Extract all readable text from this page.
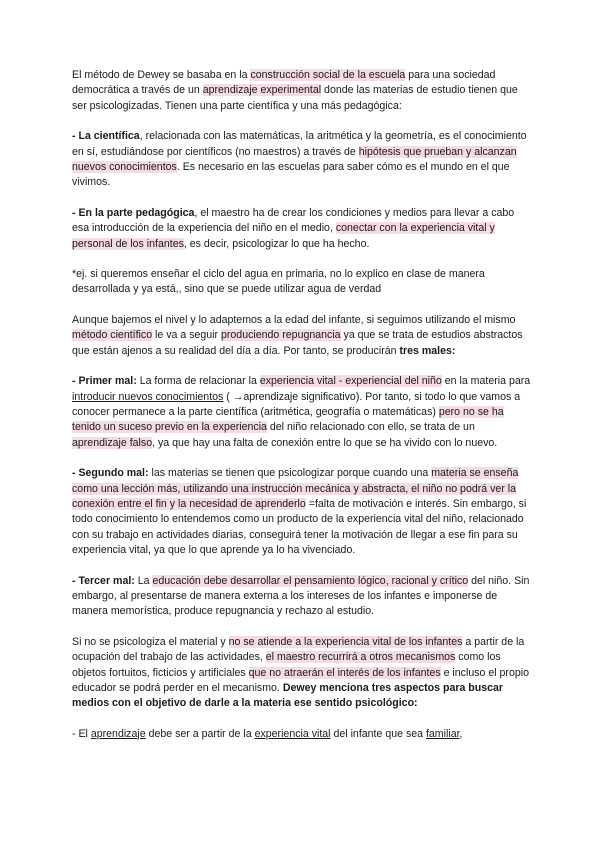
El método de Dewey se basaba en la construcción social de la escuela para una sociedad democrática a través de un aprendizaje experimental donde las materias de estudio tienen que ser psicologizadas. Tienen una parte científica y una más pedagógica:

- La científica, relacionada con las matemáticas, la aritmética y la geometría, es el conocimiento en sí, estudiándose por científicos (no maestros) a través de hipótesis que prueban y alcanzan nuevos conocimientos. Es necesario en las escuelas para saber cómo es el mundo en el que vivimos.

- En la parte pedagógica, el maestro ha de crear los condiciones y medios para llevar a cabo esa introducción de la experiencia del niño en el medio, conectar con la experiencia vital y personal de los infantes, es decir, psicologizar lo que ha hecho.

*ej. si queremos enseñar el ciclo del agua en primaria, no lo explico en clase de manera desarrollada y ya está,, sino que se puede utilizar agua de verdad

Aunque bajemos el nivel y lo adaptemos a la edad del infante, si seguimos utilizando el mismo método científico le va a seguir produciendo repugnancia ya que se trata de estudios abstractos que están ajenos a su realidad del día a día. Por tanto, se producirán tres males:

- Primer mal: La forma de relacionar la experiencia vital - experiencial del niño en la materia para introducir nuevos conocimientos ( →aprendizaje significativo). Por tanto, si todo lo que vamos a conocer permanece a la parte científica (aritmética, geografía o matemáticas) pero no se ha tenido un suceso previo en la experiencia del niño relacionado con ello, se trata de un aprendizaje falso, ya que hay una falta de conexión entre lo que se ha vivido con lo nuevo.

- Segundo mal: las materias se tienen que psicologizar porque cuando una materia se enseña como una lección más, utilizando una instrucción mecánica y abstracta, el niño no podrá ver la conexión entre el fin y la necesidad de aprenderlo =falta de motivación e interés. Sin embargo, si todo conocimiento lo entendemos como un producto de la experiencia vital del niño, relacionado con su trabajo en actividades diarias, conseguirá tener la motivación de llegar a ese fin para su experiencia vital, ya que lo que aprende ya lo ha vivenciado.

- Tercer mal: La educación debe desarrollar el pensamiento lógico, racional y crítico del niño. Sin embargo, al presentarse de manera externa a los intereses de los infantes e imponerse de manera memorística, produce repugnancia y rechazo al estudio.

Si no se psicologiza el material y no se atiende a la experiencia vital de los infantes a partir de la ocupación del trabajo de las actividades, el maestro recurrirá a otros mecanismos como los objetos fortuitos, ficticios y artificiales que no atraerán el interés de los infantes e incluso el propio educador se podrá perder en el mecanismo. Dewey menciona tres aspectos para buscar medios con el objetivo de darle a la materia ese sentido psicológico:

- El aprendizaje debe ser a partir de la experiencia vital del infante que sea familiar,
